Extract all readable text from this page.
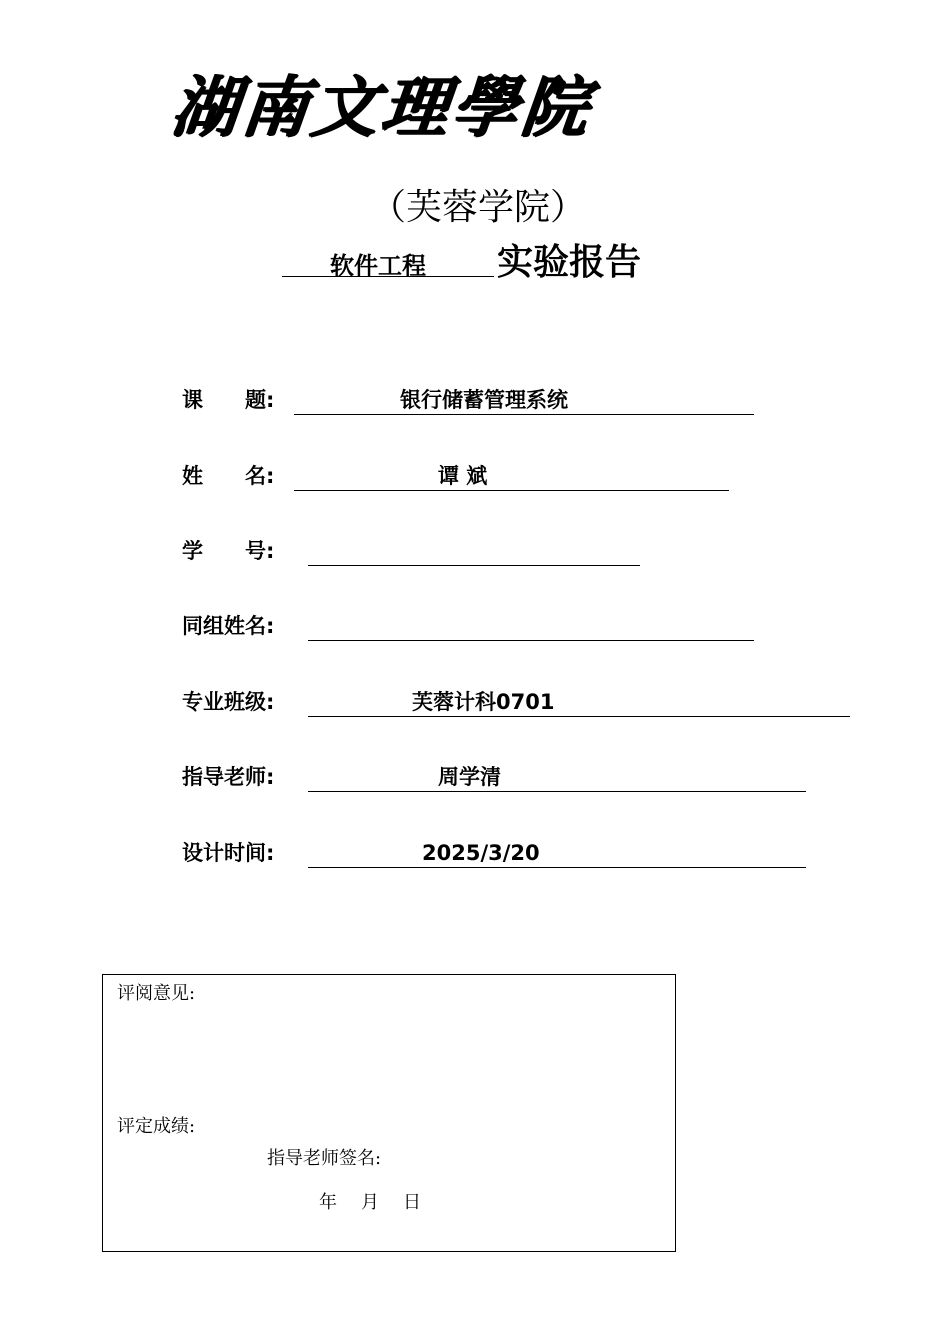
湖南文理學院
（芙蓉学院）
软件工程 实验报告
课　　题:	银行储蓄管理系统
姓　　名:	谭 斌
学　　号:
同组姓名:
专业班级:	芙蓉计科0701
指导老师:	周学清
设计时间:	2025/3/20
评阅意见:
评定成绩:
指导老师签名:
年 月 日
